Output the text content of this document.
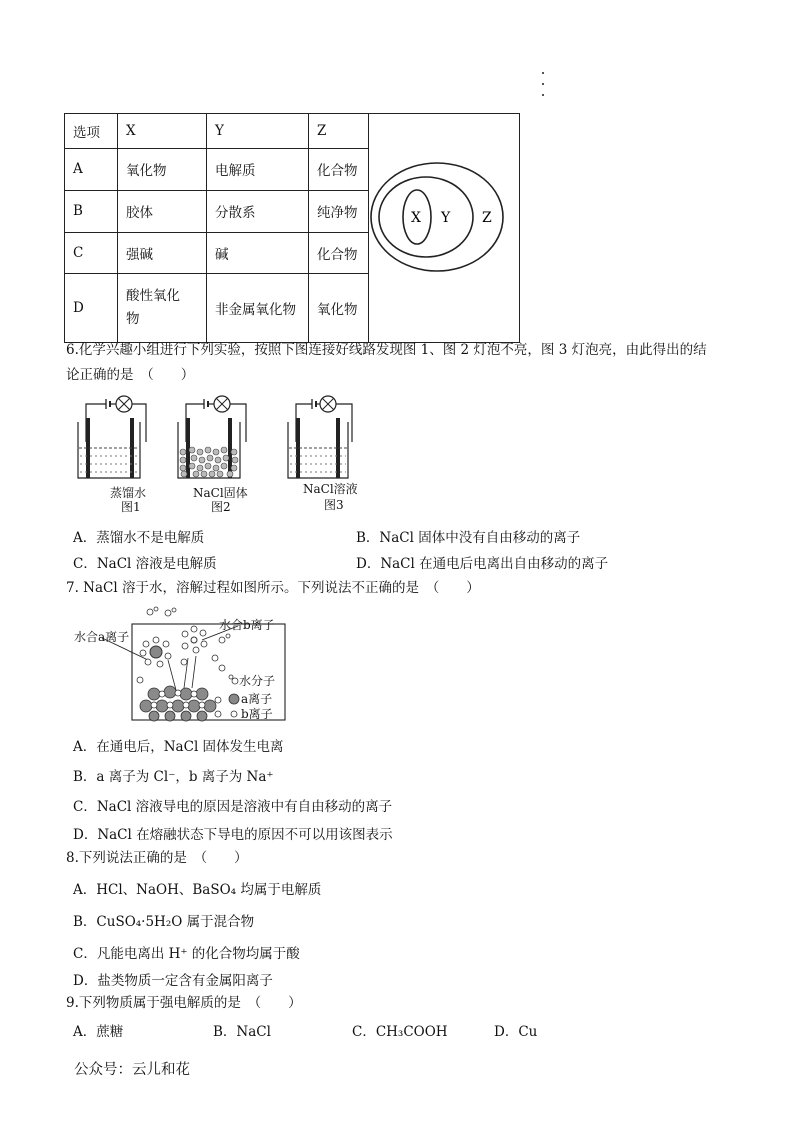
选项	X	Y	Z	X Y Z

A	氧化物	电解质	化合物	
B	胶体	分散系	纯净物	
C	强碱	碱	化合物	
D	酸性氧化物	非金属氧化物	氧化物	
6.化学兴趣小组进行下列实验，按照下图连接好线路发现图 1、图 2 灯泡不亮，图 3 灯泡亮，由此得出的结
论正确的是　（　　）
蒸馏水
图1
NaCl固体
图2
NaCl溶液
图3
A．蒸馏水不是电解质	B．NaCl 固体中没有自由移动的离子
C．NaCl 溶液是电解质	D．NaCl 在通电后电离出自由移动的离子
7. NaCl 溶于水，溶解过程如图所示。下列说法不正确的是　（　　）
水合a离子
水合b离子
水分子
a离子
b离子
A．在通电后，NaCl 固体发生电离
B．a 离子为 Cl⁻，b 离子为 Na⁺
C．NaCl 溶液导电的原因是溶液中有自由移动的离子
D．NaCl 在熔融状态下导电的原因不可以用该图表示
8.下列说法正确的是　（　　）
A．HCl、NaOH、BaSO₄ 均属于电解质
B．CuSO₄·5H₂O 属于混合物
C．凡能电离出 H⁺ 的化合物均属于酸
D．盐类物质一定含有金属阳离子
9.下列物质属于强电解质的是　（　　）
A．蔗糖	B．NaCl	C．CH₃COOH	D．Cu
公众号：云儿和花
